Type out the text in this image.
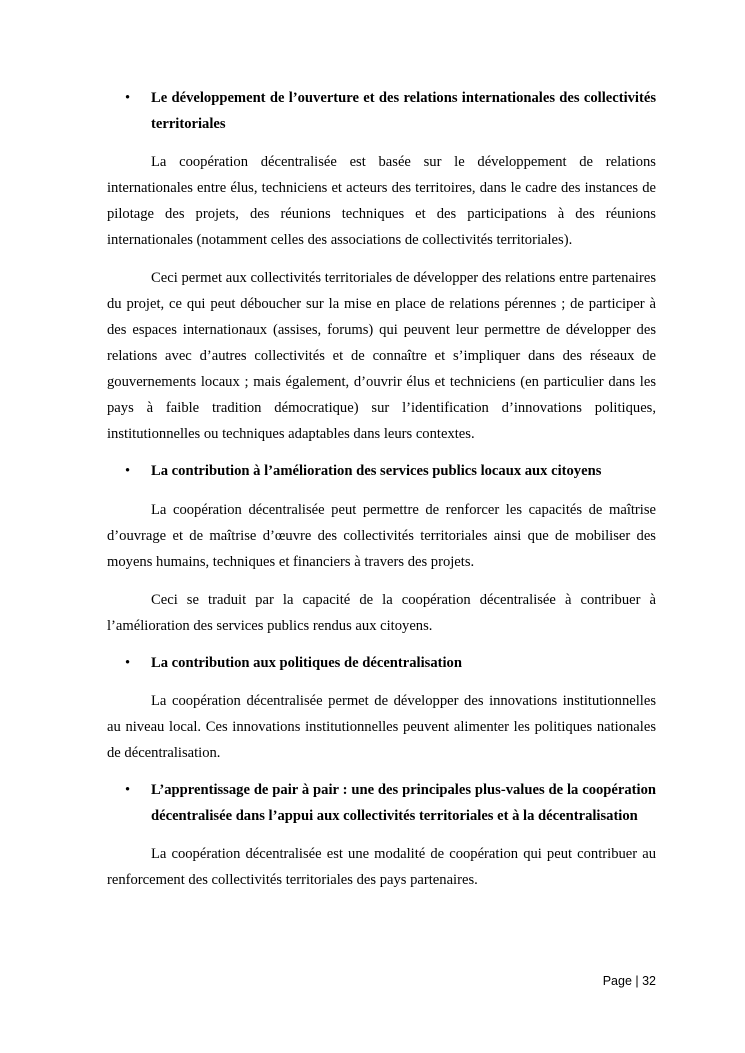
• Le développement de l’ouverture et des relations internationales des collectivités territoriales

La coopération décentralisée est basée sur le développement de relations internationales entre élus, techniciens et acteurs des territoires, dans le cadre des instances de pilotage des projets, des réunions techniques et des participations à des réunions internationales (notamment celles des associations de collectivités territoriales).

Ceci permet aux collectivités territoriales de développer des relations entre partenaires du projet, ce qui peut déboucher sur la mise en place de relations pérennes ; de participer à des espaces internationaux (assises, forums) qui peuvent leur permettre de développer des relations avec d’autres collectivités et de connaître et s’impliquer dans des réseaux de gouvernements locaux ; mais également, d’ouvrir élus et techniciens (en particulier dans les pays à faible tradition démocratique) sur l’identification d’innovations politiques, institutionnelles ou techniques adaptables dans leurs contextes.

• La contribution à l’amélioration des services publics locaux aux citoyens

La coopération décentralisée peut permettre de renforcer les capacités de maîtrise d’ouvrage et de maîtrise d’œuvre des collectivités territoriales ainsi que de mobiliser des moyens humains, techniques et financiers à travers des projets.

Ceci se traduit par la capacité de la coopération décentralisée à contribuer à l’amélioration des services publics rendus aux citoyens.

• La contribution aux politiques de décentralisation

La coopération décentralisée permet de développer des innovations institutionnelles au niveau local. Ces innovations institutionnelles peuvent alimenter les politiques nationales de décentralisation.

• L’apprentissage de pair à pair : une des principales plus-values de la coopération décentralisée dans l’appui aux collectivités territoriales et à la décentralisation

La coopération décentralisée est une modalité de coopération qui peut contribuer au renforcement des collectivités territoriales des pays partenaires.

Page | 32
